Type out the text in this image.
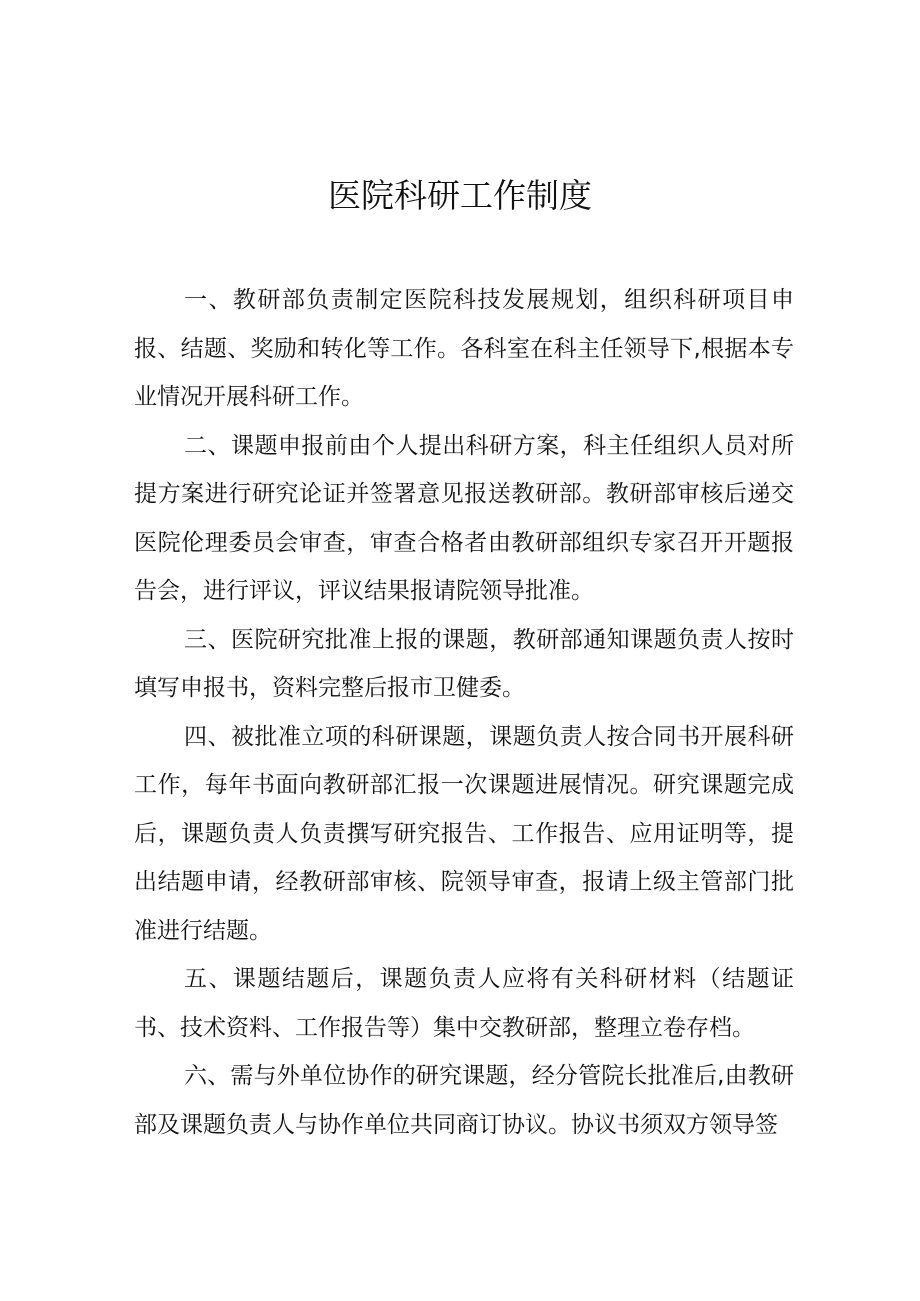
医院科研工作制度

一、教研部负责制定医院科技发展规划，组织科研项目申报、结题、奖励和转化等工作。各科室在科主任领导下,根据本专业情况开展科研工作。

二、课题申报前由个人提出科研方案，科主任组织人员对所提方案进行研究论证并签署意见报送教研部。教研部审核后递交医院伦理委员会审查，审查合格者由教研部组织专家召开开题报告会，进行评议，评议结果报请院领导批准。

三、医院研究批准上报的课题，教研部通知课题负责人按时填写申报书，资料完整后报市卫健委。

四、被批准立项的科研课题，课题负责人按合同书开展科研工作，每年书面向教研部汇报一次课题进展情况。研究课题完成后，课题负责人负责撰写研究报告、工作报告、应用证明等，提出结题申请，经教研部审核、院领导审查，报请上级主管部门批准进行结题。

五、课题结题后，课题负责人应将有关科研材料（结题证书、技术资料、工作报告等）集中交教研部，整理立卷存档。

六、需与外单位协作的研究课题，经分管院长批准后,由教研部及课题负责人与协作单位共同商订协议。协议书须双方领导签
